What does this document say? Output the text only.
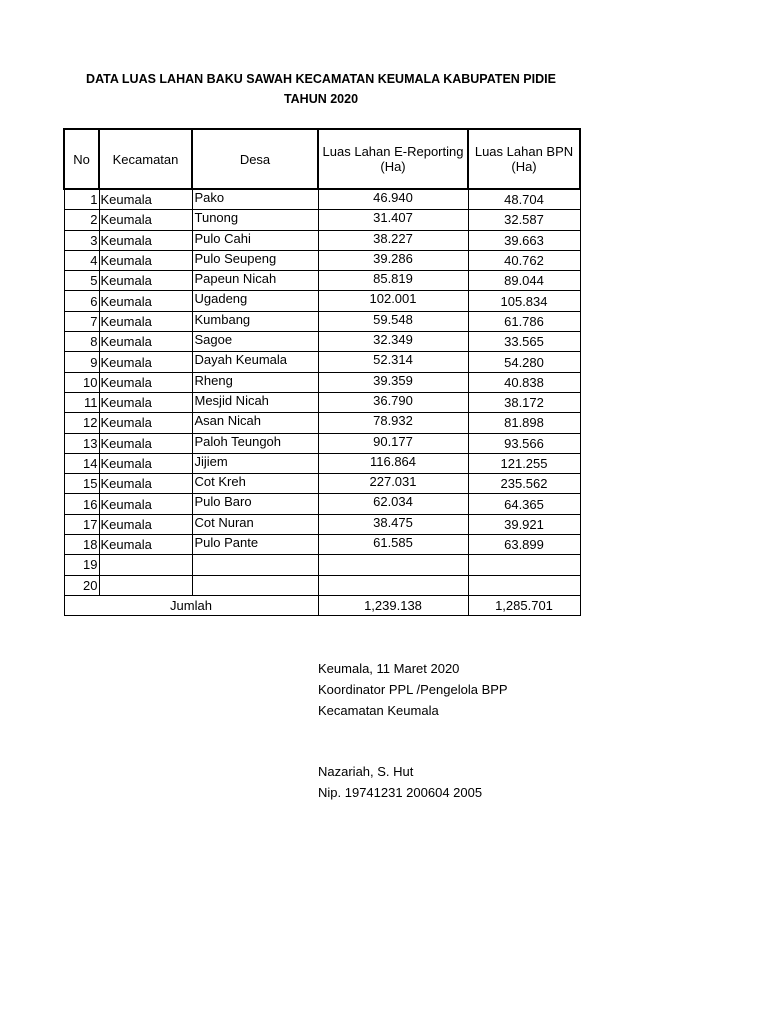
DATA LUAS LAHAN BAKU SAWAH KECAMATAN KEUMALA KABUPATEN PIDIE
TAHUN 2020
No	Kecamatan	Desa	Luas Lahan E-Reporting (Ha)	Luas Lahan BPN (Ha)
1	Keumala	Pako	46.940	48.704
2	Keumala	Tunong	31.407	32.587
3	Keumala	Pulo Cahi	38.227	39.663
4	Keumala	Pulo Seupeng	39.286	40.762
5	Keumala	Papeun Nicah	85.819	89.044
6	Keumala	Ugadeng	102.001	105.834
7	Keumala	Kumbang	59.548	61.786
8	Keumala	Sagoe	32.349	33.565
9	Keumala	Dayah Keumala	52.314	54.280
10	Keumala	Rheng	39.359	40.838
11	Keumala	Mesjid Nicah	36.790	38.172
12	Keumala	Asan Nicah	78.932	81.898
13	Keumala	Paloh Teungoh	90.177	93.566
14	Keumala	Jijiem	116.864	121.255
15	Keumala	Cot Kreh	227.031	235.562
16	Keumala	Pulo Baro	62.034	64.365
17	Keumala	Cot Nuran	38.475	39.921
18	Keumala	Pulo Pante	61.585	63.899
19				
20				
Jumlah			1,239.138	1,285.701
Keumala, 11 Maret 2020
Koordinator PPL /Pengelola BPP
Kecamatan Keumala
Nazariah, S. Hut
Nip. 19741231 200604 2005
